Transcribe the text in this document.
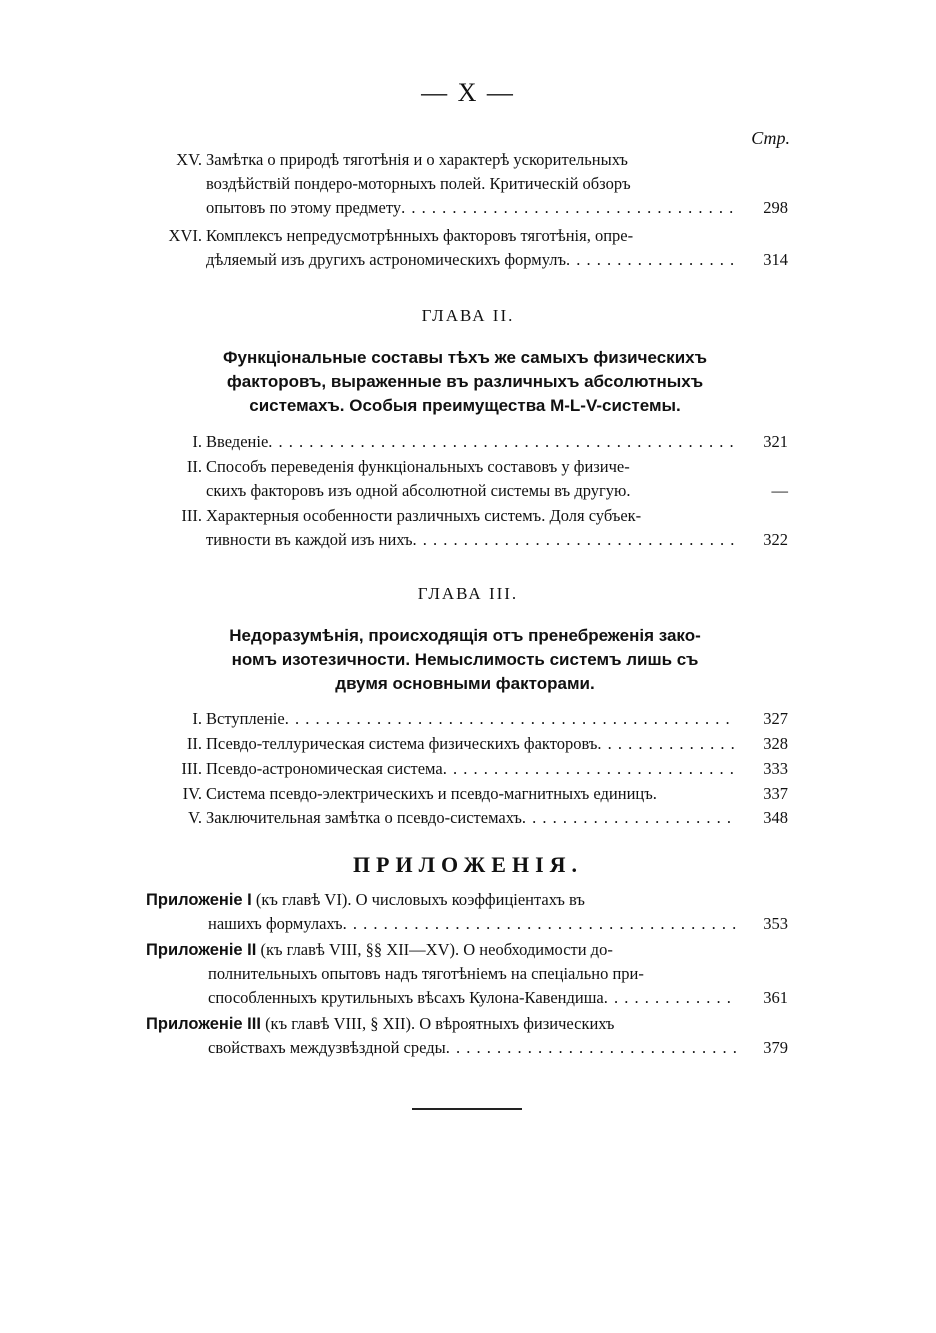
— X —
Стр.
XV. Замѣтка о природѣ тяготѣнія и о характерѣ ускорительныхъ
воздѣйствій пондеро-моторныхъ полей. Критическій обзоръ
опытовъ по этому предмету . . .	298
XVI. Комплексъ непредусмотрѣнныхъ факторовъ тяготѣнія, опре-
дѣляемый изъ другихъ астрономическихъ формулъ . . .	314
ГЛАВА II.
Функціональные составы тѣхъ же самыхъ физическихъ
факторовъ, выраженные въ различныхъ абсолютныхъ
системахъ. Особыя преимущества M-L-V-системы.
I. Введеніе . . .	321
II. Способъ переведенія функціональныхъ составовъ у физиче-
скихъ факторовъ изъ одной абсолютной системы въ другую.	—
III. Характерныя особенности различныхъ системъ. Доля субъек-
тивности въ каждой изъ нихъ . . .	322
ГЛАВА III.
Недоразумѣнія, происходящія отъ пренебреженія зако-
номъ изотезичности. Немыслимость системъ лишь съ
двумя основными факторами.
I. Вступленіе . . .	327
II. Псевдо-теллурическая система физическихъ факторовъ . . .	328
III. Псевдо-астрономическая система . . .	333
IV. Система псевдо-электрическихъ и псевдо-магнитныхъ единицъ.	337
V. Заключительная замѣтка о псевдо-системахъ . . .	348
ПРИЛОЖЕНІЯ.
Приложеніе I (къ главѣ VI). О числовыхъ коэффиціентахъ въ
нашихъ формулахъ . . .	353
Приложеніе II (къ главѣ VIII, §§ XII—XV). О необходимости до-
полнительныхъ опытовъ надъ тяготѣніемъ на спеціально при-
способленныхъ крутильныхъ вѣсахъ Кулона-Кавендиша . . .	361
Приложеніе III (къ главѣ VIII, § XII). О вѣроятныхъ физическихъ
свойствахъ междузвѣздной среды . . .	379
